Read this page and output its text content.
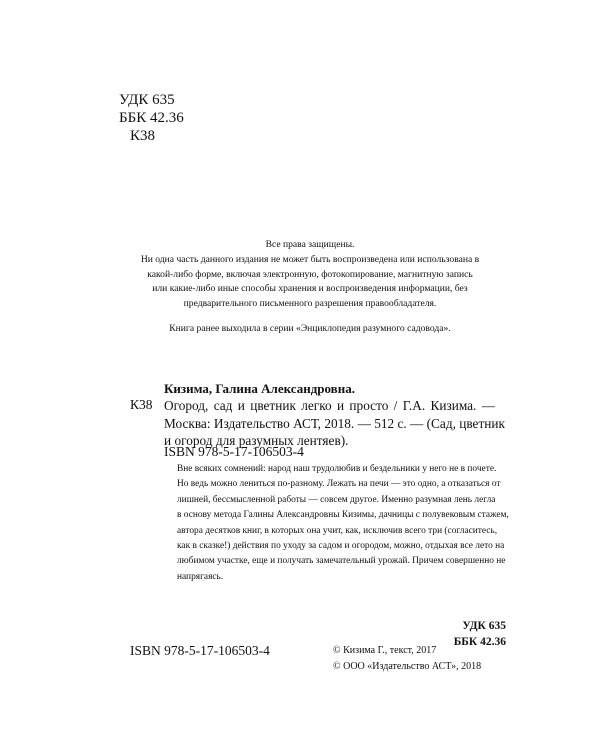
УДК 635
ББК 42.36
К38

Все права защищены.

Ни одна часть данного издания не может быть воспроизведена или использована в

какой-либо форме, включая электронную, фотокопирование, магнитную запись

или какие-либо иные способы хранения и воспроизведения информации, без

предварительного письменного разрешения правообладателя.

Книга ранее выходила в серии «Энциклопедия разумного садовода».
Кизима, Галина Александровна.
К38 Огород, сад и цветник легко и просто / Г.А. Кизима. —
Москва: Издательство АСТ, 2018. — 512 с. — (Сад, цветник
и огород для разумных лентяев).
ISBN 978-5-17-106503-4
Вне всяких сомнений: народ наш трудолюбив и бездельники у него не в почете.
Но ведь можно лениться по-разному. Лежать на печи — это одно, а отказаться от
лишней, бессмысленной работы — совсем другое. Именно разумная лень легла
в основу метода Галины Александровны Кизимы, дачницы с полувековым стажем,
автора десятков книг, в которых она учит, как, исключив всего три (согласитесь,
как в сказке!) действия по уходу за садом и огородом, можно, отдыхая все лето на
любимом участке, еще и получать замечательный урожай. Причем совершенно не
напрягаясь.
УДК 635
ББК 42.36
ISBN 978-5-17-106503-4	© Кизима Г., текст, 2017
© ООО «Издательство АСТ», 2018
